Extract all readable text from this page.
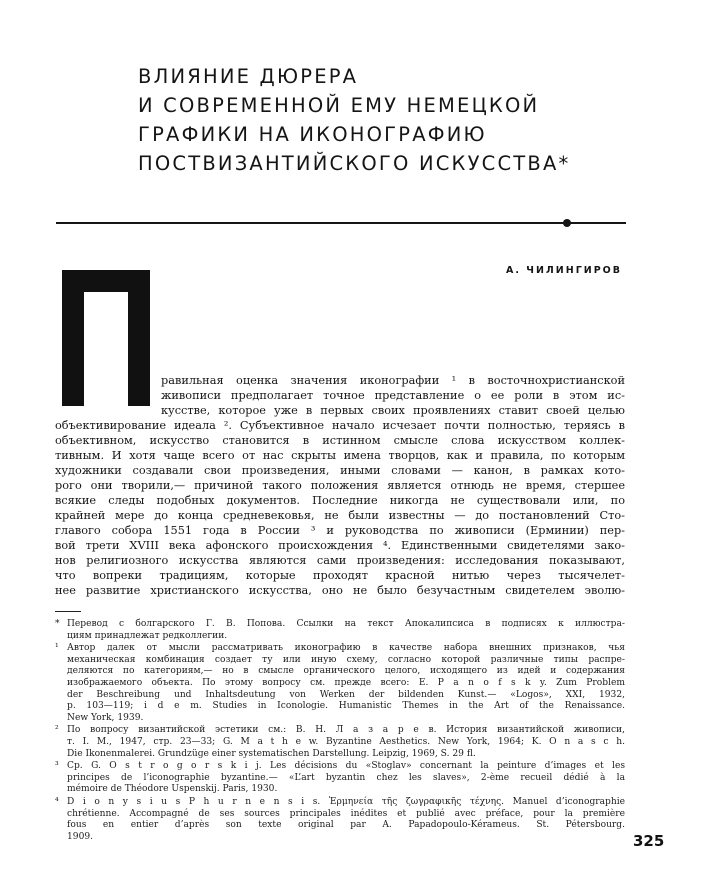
ВЛИЯНИЕ ДЮРЕРА
И СОВРЕМЕННОЙ ЕМУ НЕМЕЦКОЙ
ГРАФИКИ НА ИКОНОГРАФИЮ
ПОСТВИЗАНТИЙСКОГО ИСКУССТВА*
А. ЧИЛИНГИРОВ
равильная оценка значения иконографии ¹ в восточнохристианской
живописи предполагает точное представление о ее роли в этом ис-
кусстве, которое уже в первых своих проявлениях ставит своей целью
объективирование идеала ². Субъективное начало исчезает почти полностью, теряясь в
объективном, искусство становится в истинном смысле слова искусством коллек-
тивным. И хотя чаще всего от нас скрыты имена творцов, как и правила, по которым
художники создавали свои произведения, иными словами — канон, в рамках кото-
рого они творили,— причиной такого положения является отнюдь не время, стершее
всякие следы подобных документов. Последние никогда не существовали или, по
крайней мере до конца средневековья, не были известны — до постановлений Сто-
главого собора 1551 года в России ³ и руководства по живописи (Ерминии) пер-
вой трети XVIII века афонского происхождения ⁴. Единственными свидетелями зако-
нов религиозного искусства являются сами произведения: исследования показывают,
что вопреки традициям, которые проходят красной нитью через тысячелет-
нее развитие христианского искусства, оно не было безучастным свидетелем эволю-
* Перевод с болгарского Г. В. Попова. Ссылки на текст Апокалипсиса в подписях к иллюстра-
циям принадлежат редколлегии.
¹ Автор далек от мысли рассматривать иконографию в качестве набора внешних признаков, чья
механическая комбинация создает ту или иную схему, согласно которой различные типы распре-
деляются по категориям,— но в смысле органического целого, исходящего из идей и содержания
изображаемого объекта. По этому вопросу см. прежде всего: E. P a n o f s k y. Zum Problem
der Beschreibung und Inhaltsdeutung von Werken der bildenden Kunst.— «Logos», XXI, 1932,
p. 103—119; i d e m. Studies in Iconologie. Humanistic Themes in the Art of the Renaissance.
New York, 1939.
² По вопросу византийской эстетики см.: В. Н. Л а з а р е в. История византийской живописи,
т. I. М., 1947, стр. 23—33; G. M a t h e w. Byzantine Aesthetics. New York, 1964; K. O n a s c h.
Die Ikonenmalerei. Grundzüge einer systematischen Darstellung. Leipzig, 1969, S. 29 fl.
³ Cp. G. O s t r o g o r s k i j. Les décisions du «Stoglav» concernant la peinture d’images et les
principes de l’iconographie byzantine.— «L’art byzantin chez les slaves», 2-ème recueil dédié à la
mémoire de Théodore Uspenskij. Paris, 1930.
⁴ D i o n y s i u s P h u r n e n s i s. Ἑρμηνεία τῆς ζωγραφικῆς τέχνης. Manuel d’iconographie
chrétienne. Accompagné de ses sources principales inédites et publié avec préface, pour la première
fous en entier d’après son texte original par A. Papadopoulo-Kérameus. St. Pétersbourg.
1909.	325
